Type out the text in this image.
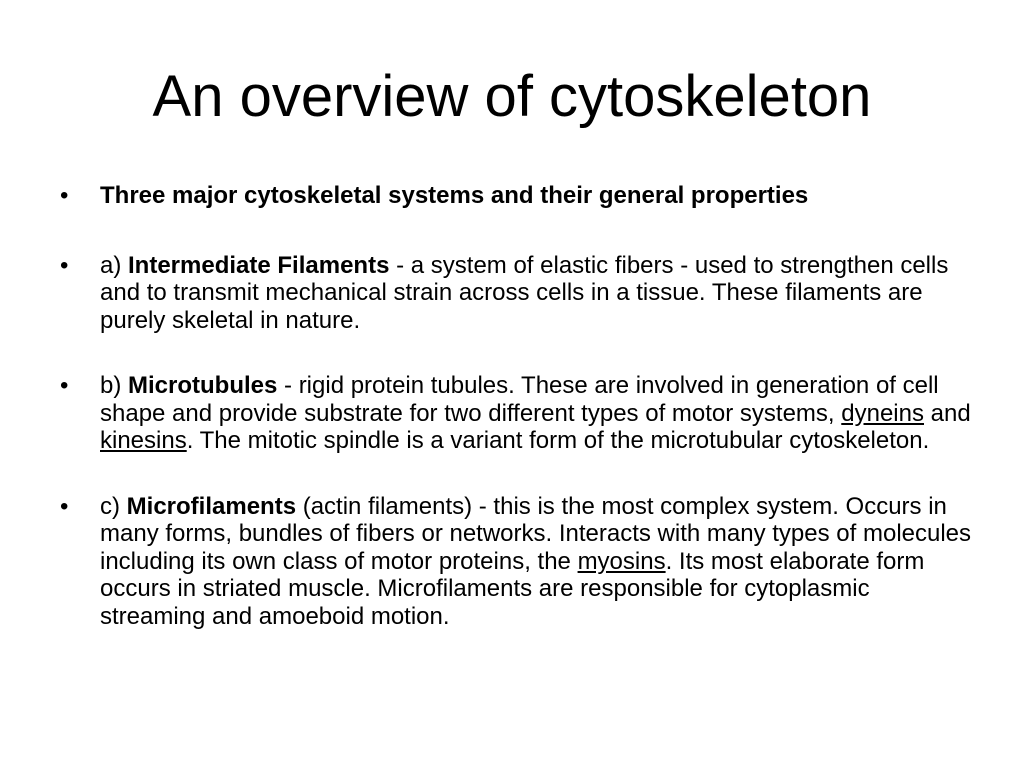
An overview of cytoskeleton
•	Three major cytoskeletal systems and their general properties
•	a) Intermediate Filaments - a system of elastic fibers - used to strengthen cells and to transmit mechanical strain across cells in a tissue. These filaments are purely skeletal in nature.
•	b) Microtubules - rigid protein tubules. These are involved in generation of cell shape and provide substrate for two different types of motor systems, dyneins and kinesins. The mitotic spindle is a variant form of the microtubular cytoskeleton.
•	c) Microfilaments (actin filaments) - this is the most complex system. Occurs in many forms, bundles of fibers or networks. Interacts with many types of molecules including its own class of motor proteins, the myosins. Its most elaborate form occurs in striated muscle. Microfilaments are responsible for cytoplasmic streaming and amoeboid motion.
